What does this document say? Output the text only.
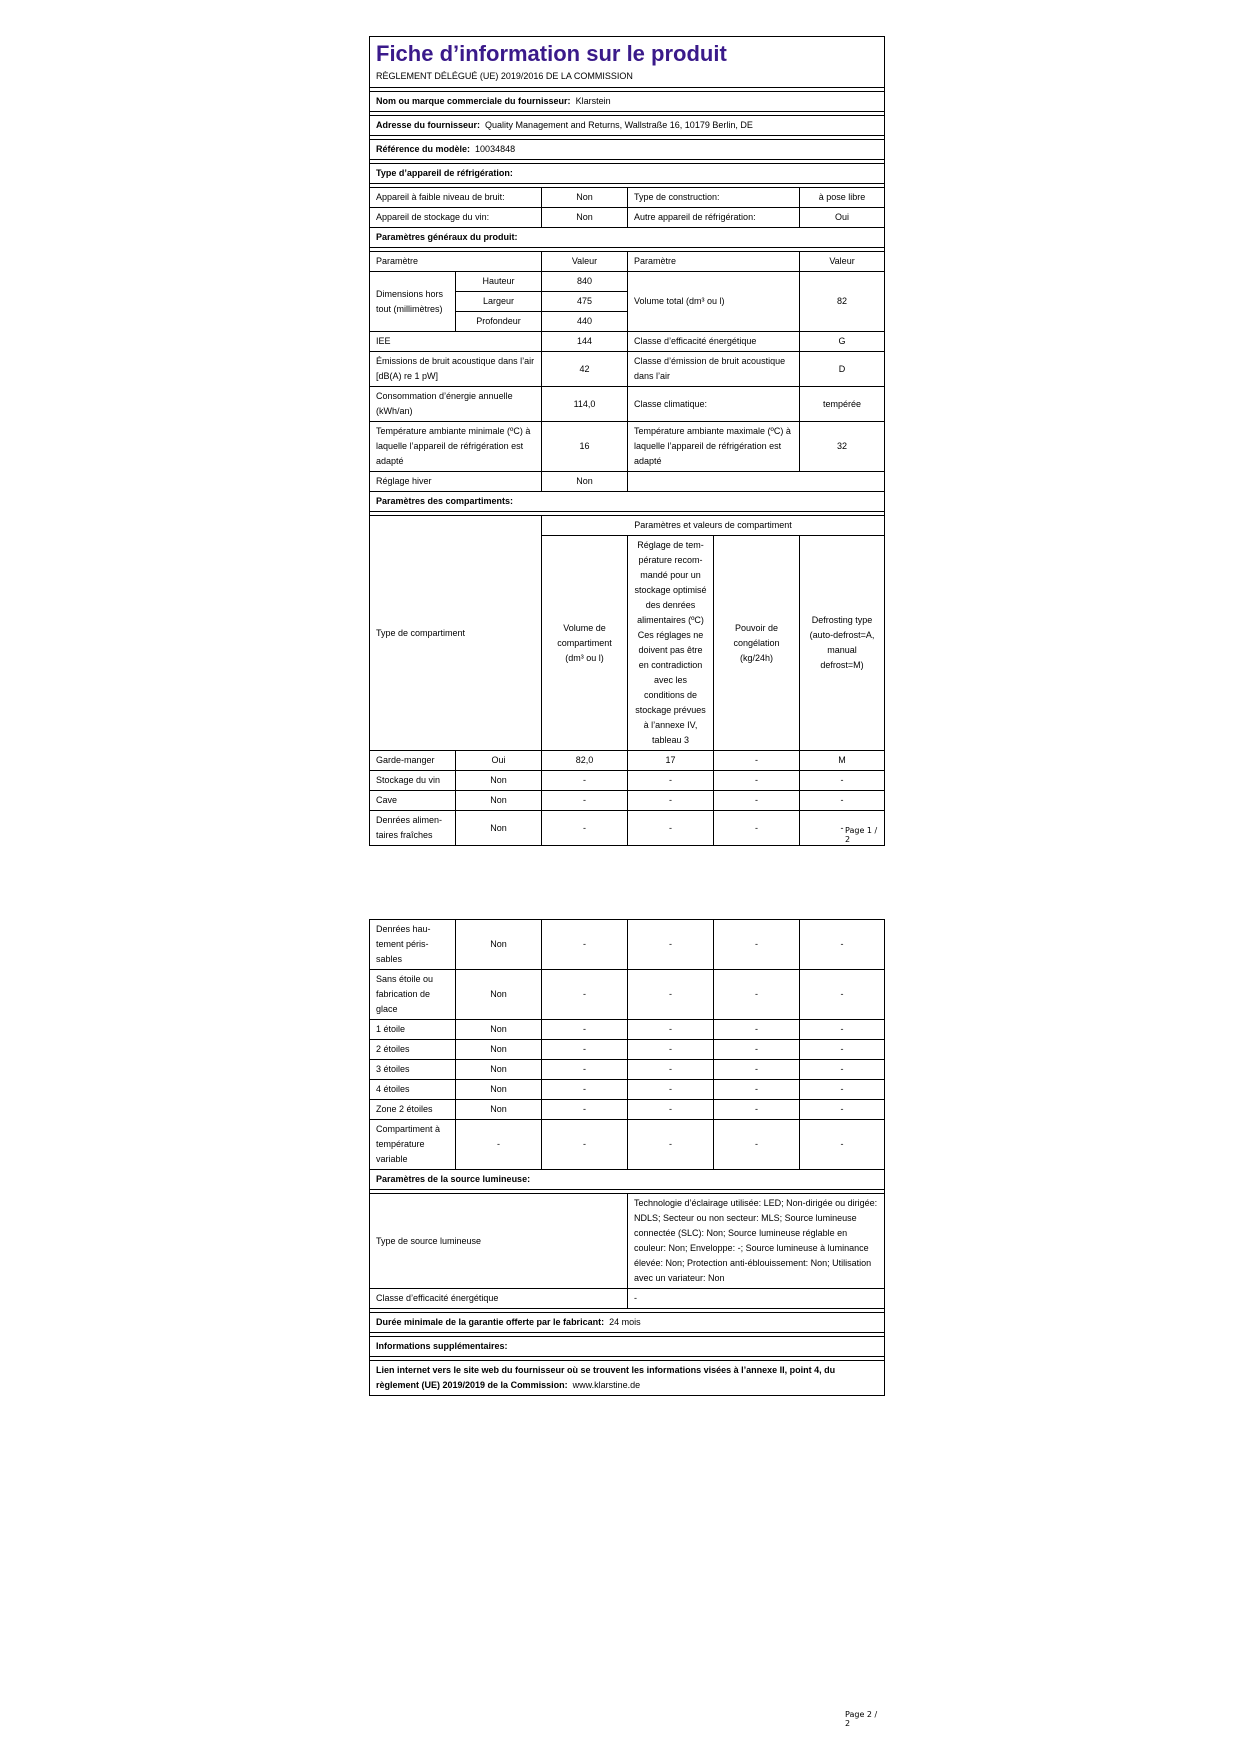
Fiche d’information sur le produit					
RÈGLEMENT DÉLÉGUÉ (UE) 2019/2016 DE LA COMMISSION					

Nom ou marque commerciale du fournisseur: Klarstein					

Adresse du fournisseur: Quality Management and Returns, Wallstraße 16, 10179 Berlin, DE					

Référence du modèle: 10034848					

Type d’appareil de réfrigération:					

Appareil à faible niveau de bruit:		Non	Type de construction:		à pose libre
Appareil de stockage du vin:		Non	Autre appareil de réfrigération:		Oui
Paramètres généraux du produit:					

Paramètre		Valeur	Paramètre		Valeur
Dimensions hors tout (millimètres)	Hauteur	840	Volume total (dm³ ou l)		82
	Largeur	475			
	Profondeur	440			
IEE		144	Classe d’efficacité énergétique		G
Émissions de bruit acoustique dans l’air [dB(A) re 1 pW]		42	Classe d’émission de bruit acoustique dans l’air		D
Consommation d’énergie annuelle (kWh/an)		114,0	Classe climatique:		tempérée
Température ambiante minimale (ºC) à laquelle l’appareil de réfrigération est adapté		16	Température ambiante maximale (ºC) à laquelle l’appareil de réfrigération est adapté		32
Réglage hiver		Non			
Paramètres des compartiments:					

Type de compartiment		Paramètres et valeurs de compartiment			
		Volume de compartiment (dm³ ou l)	Réglage de température recommandé pour un stockage optimisé des denrées alimentaires (ºC) Ces réglages ne doivent pas être en contradiction avec les conditions de stockage prévues à l’annexe IV, tableau 3	Pouvoir de congélation (kg/24h)	Defrosting type (auto-defrost=A, manual defrost=M)
Garde-manger	Oui	82,0	17	-	M
Stockage du vin	Non	-	-	-	-
Cave	Non	-	-	-	-
Denrées alimentaires fraîches	Non	-	-	-	- Page 1 / 2
Denrées hautement périssables	Non	-	-	-	-
Sans étoile ou fabrication de glace	Non	-	-	-	-
1 étoile	Non	-	-	-	-
2 étoiles	Non	-	-	-	-
3 étoiles	Non	-	-	-	-
4 étoiles	Non	-	-	-	-
Zone 2 étoiles	Non	-	-	-	-
Compartiment à température variable	-	-	-	-	-
Paramètres de la source lumineuse:					

Type de source lumineuse			Technologie d’éclairage utilisée: LED; Non-dirigée ou dirigée: NDLS; Secteur ou non secteur: MLS; Source lumineuse connectée (SLC): Non; Source lumineuse réglable en couleur: Non; Enveloppe: -; Source lumineuse à luminance élevée: Non; Protection anti-éblouissement: Non; Utilisation avec un variateur: Non		
Classe d’efficacité énergétique			-		

Durée minimale de la garantie offerte par le fabricant: 24 mois					

Informations supplémentaires:					

Lien internet vers le site web du fournisseur où se trouvent les informations visées à l’annexe II, point 4, du règlement (UE) 2019/2019 de la Commission: www.klarstine.de					
Page 2 / 2
